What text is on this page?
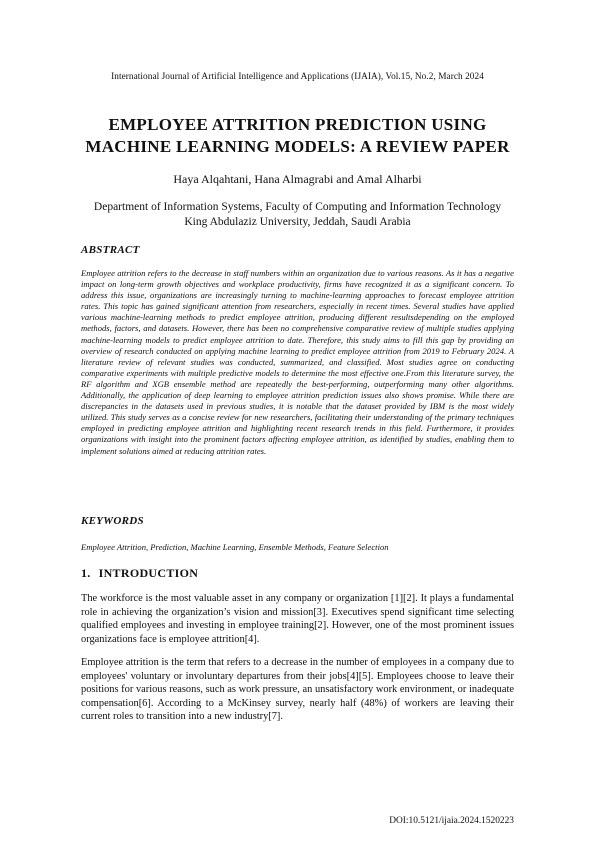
International Journal of Artificial Intelligence and Applications (IJAIA), Vol.15, No.2, March 2024
EMPLOYEE ATTRITION PREDICTION USING
MACHINE LEARNING MODELS: A REVIEW PAPER
Haya Alqahtani, Hana Almagrabi and Amal Alharbi
Department of Information Systems, Faculty of Computing and Information Technology
King Abdulaziz University, Jeddah, Saudi Arabia
ABSTRACT
Employee attrition refers to the decrease in staff numbers within an organization due to various reasons. As it has a negative impact on long-term growth objectives and workplace productivity, firms have recognized it as a significant concern. To address this issue, organizations are increasingly turning to machine-learning approaches to forecast employee attrition rates. This topic has gained significant attention from researchers, especially in recent times. Several studies have applied various machine-learning methods to predict employee attrition, producing different resultsdepending on the employed methods, factors, and datasets. However, there has been no comprehensive comparative review of multiple studies applying machine-learning models to predict employee attrition to date. Therefore, this study aims to fill this gap by providing an overview of research conducted on applying machine learning to predict employee attrition from 2019 to February 2024. A literature review of relevant studies was conducted, summarized, and classified. Most studies agree on conducting comparative experiments with multiple predictive models to determine the most effective one.From this literature survey, the RF algorithm and XGB ensemble method are repeatedly the best-performing, outperforming many other algorithms. Additionally, the application of deep learning to employee attrition prediction issues also shows promise. While there are discrepancies in the datasets used in previous studies, it is notable that the dataset provided by IBM is the most widely utilized. This study serves as a concise review for new researchers, facilitating their understanding of the primary techniques employed in predicting employee attrition and highlighting recent research trends in this field. Furthermore, it provides organizations with insight into the prominent factors affecting employee attrition, as identified by studies, enabling them to implement solutions aimed at reducing attrition rates.
KEYWORDS
Employee Attrition, Prediction, Machine Learning, Ensemble Methods, Feature Selection
1. INTRODUCTION
The workforce is the most valuable asset in any company or organization [1][2]. It plays a fundamental role in achieving the organization’s vision and mission[3]. Executives spend significant time selecting qualified employees and investing in employee training[2]. However, one of the most prominent issues organizations face is employee attrition[4].
Employee attrition is the term that refers to a decrease in the number of employees in a company due to employees' voluntary or involuntary departures from their jobs[4][5]. Employees choose to leave their positions for various reasons, such as work pressure, an unsatisfactory work environment, or inadequate compensation[6]. According to a McKinsey survey, nearly half (48%) of workers are leaving their current roles to transition into a new industry[7].
DOI:10.5121/ijaia.2024.1520223
